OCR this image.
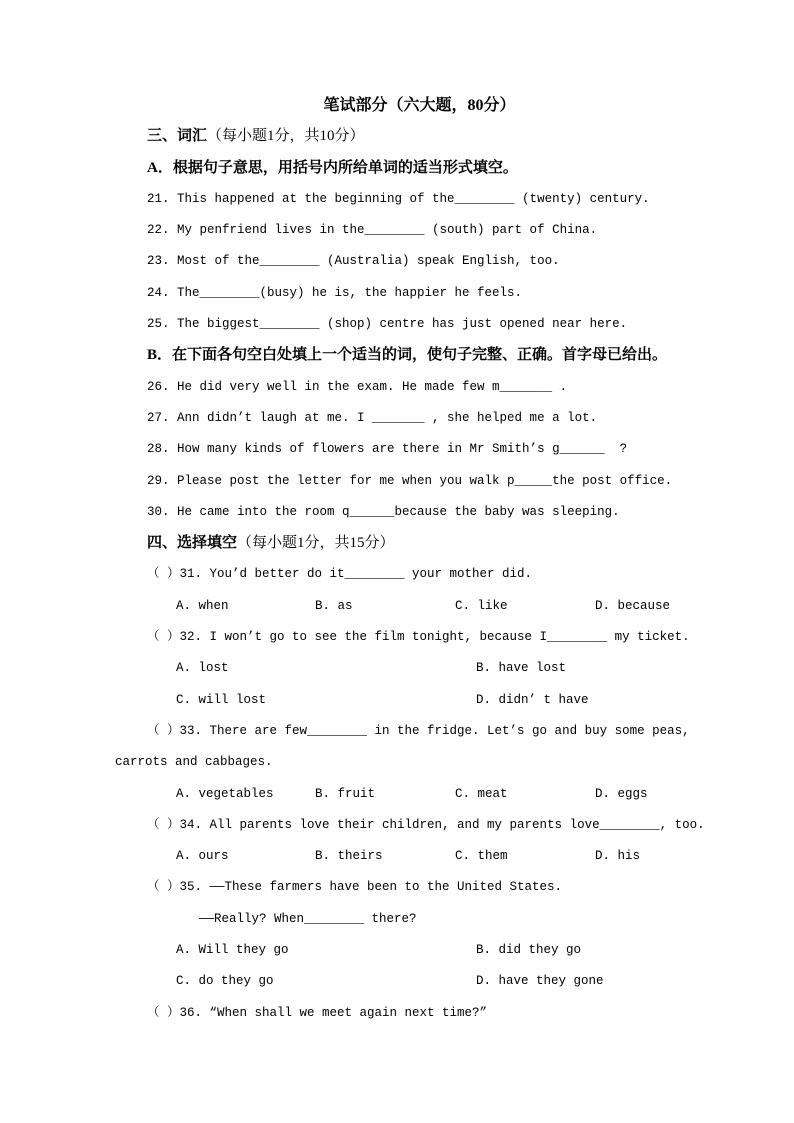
笔试部分（六大题，80分）
三、词汇（每小题1分，共10分）
A．根据句子意思，用括号内所给单词的适当形式填空。
21. This happened at the beginning of the________ (twenty) century.
22. My penfriend lives in the________ (south) part of China.
23. Most of the________ (Australia) speak English, too.
24. The________(busy) he is, the happier he feels.
25. The biggest________ (shop) centre has just opened near here.
B．在下面各句空白处填上一个适当的词，使句子完整、正确。首字母已给出。
26. He did very well in the exam. He made few m_______ .
27. Ann didn’t laugh at me. I _______ , she helped me a lot.
28. How many kinds of flowers are there in Mr Smith’s g______  ?
29. Please post the letter for me when you walk p_____the post office.
30. He came into the room q______because the baby was sleeping.
四、选择填空（每小题1分，共15分）
（ ）31. You’d better do it________ your mother did.
A. when	B. as	C. like	D. because
（ ）32. I won’t go to see the film tonight, because I________ my ticket.
A. lost	B. have lost
C. will lost	D. didn’ t have
（ ）33. There are few________ in the fridge. Let’s go and buy some peas,
carrots and cabbages.
A. vegetables	B. fruit	C. meat	D. eggs
（ ）34. All parents love their children, and my parents love________, too.
A. ours	B. theirs	C. them	D. his
（ ）35. ——These farmers have been to the United States.
——Really? When________ there?
A. Will they go	B. did they go
C. do they go	D. have they gone
（ ）36. “When shall we meet again next time?”
